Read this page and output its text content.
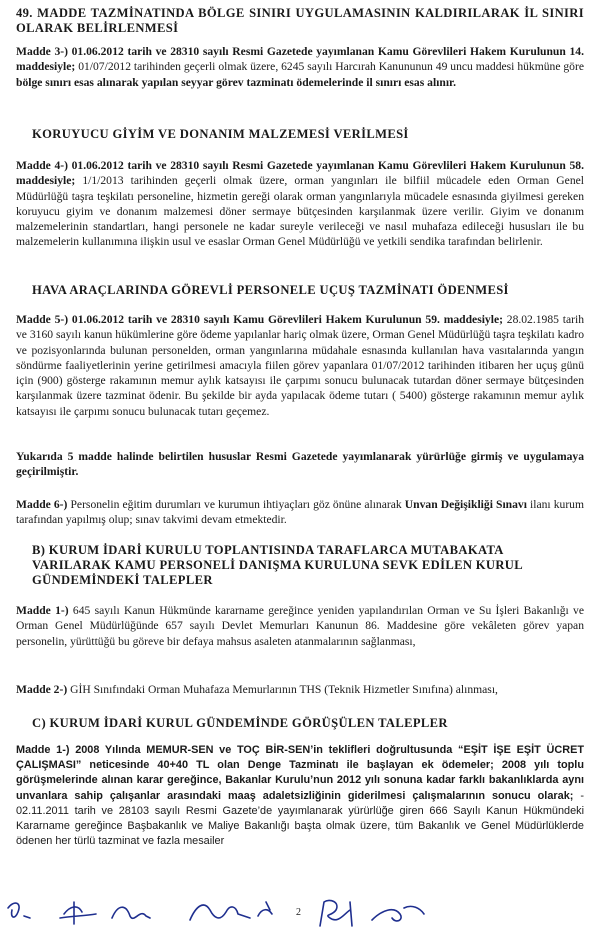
49. MADDE TAZMİNATINDA BÖLGE SINIRI UYGULAMASININ KALDIRILARAK İL SINIRI OLARAK BELİRLENMESİ
Madde 3-) 01.06.2012 tarih ve 28310 sayılı Resmi Gazetede yayımlanan Kamu Görevlileri Hakem Kurulunun 14. maddesiyle; 01/07/2012 tarihinden geçerli olmak üzere, 6245 sayılı Harcırah Kanununun 49 uncu maddesi hükmüne göre bölge sınırı esas alınarak yapılan seyyar görev tazminatı ödemelerinde il sınırı esas alınır.
KORUYUCU GİYİM VE DONANIM MALZEMESİ VERİLMESİ
Madde 4-) 01.06.2012 tarih ve 28310 sayılı Resmi Gazetede yayımlanan Kamu Görevlileri Hakem Kurulunun 58. maddesiyle; 1/1/2013 tarihinden geçerli olmak üzere, orman yangınları ile bilfiil mücadele eden Orman Genel Müdürlüğü taşra teşkilatı personeline, hizmetin gereği olarak orman yangınlarıyla mücadele esnasında giyilmesi gereken koruyucu giyim ve donanım malzemesi döner sermaye bütçesinden karşılanmak üzere verilir. Giyim ve donanım malzemelerinin standartları, hangi personele ne kadar sureyle verileceği ve nasıl muhafaza edileceği hususları ile bu malzemelerin kullanımına ilişkin usul ve esaslar Orman Genel Müdürlüğü ve yetkili sendika tarafından belirlenir.
HAVA ARAÇLARINDA GÖREVLİ PERSONELE UÇUŞ TAZMİNATI ÖDENMESİ
Madde 5-) 01.06.2012 tarih ve 28310 sayılı Kamu Görevlileri Hakem Kurulunun 59. maddesiyle; 28.02.1985 tarih ve 3160 sayılı kanun hükümlerine göre ödeme yapılanlar hariç olmak üzere, Orman Genel Müdürlüğü taşra teşkilatı kadro ve pozisyonlarında bulunan personelden, orman yangınlarına müdahale esnasında kullanılan hava vasıtalarında yangın söndürme faaliyetlerinin yerine getirilmesi amacıyla fiilen görev yapanlara 01/07/2012 tarihinden itibaren her uçuş günü için (900) gösterge rakamının memur aylık katsayısı ile çarpımı sonucu bulunacak tutardan döner sermaye bütçesinden karşılanmak üzere tazminat ödenir. Bu şekilde bir ayda yapılacak ödeme tutarı ( 5400) gösterge rakamının memur aylık katsayısı ile çarpımı sonucu bulunacak tutarı geçemez.
Yukarıda 5 madde halinde belirtilen hususlar Resmi Gazetede yayımlanarak yürürlüğe girmiş ve uygulamaya geçirilmiştir.
Madde 6-) Personelin eğitim durumları ve kurumun ihtiyaçları göz önüne alınarak Unvan Değişikliği Sınavı ilanı kurum tarafından yapılmış olup; sınav takvimi devam etmektedir.
B) KURUM İDARİ KURULU TOPLANTISINDA TARAFLARCA MUTABAKATA VARILARAK KAMU PERSONELİ DANIŞMA KURULUNA SEVK EDİLEN KURUL GÜNDEMİNDEKİ TALEPLER
Madde 1-) 645 sayılı Kanun Hükmünde kararname gereğince yeniden yapılandırılan Orman ve Su İşleri Bakanlığı ve Orman Genel Müdürlüğünde 657 sayılı Devlet Memurları Kanunun 86. Maddesine göre vekâleten görev yapan personelin, yürüttüğü bu göreve bir defaya mahsus asaleten atanmalarının sağlanması,
Madde 2-) GİH Sınıfındaki Orman Muhafaza Memurlarının THS (Teknik Hizmetler Sınıfına) alınması,
C) KURUM İDARİ KURUL GÜNDEMİNDE GÖRÜŞÜLEN TALEPLER
Madde 1-) 2008 Yılında MEMUR-SEN ve TOÇ BİR-SEN’in teklifleri doğrultusunda “EŞİT İŞE EŞİT ÜCRET ÇALIŞMASI” neticesinde 40+40 TL olan Denge Tazminatı ile başlayan ek ödemeler; 2008 yılı toplu görüşmelerinde alınan karar gereğince, Bakanlar Kurulu’nun 2012 yılı sonuna kadar farklı bakanlıklarda aynı unvanlara sahip çalışanlar arasındaki maaş adaletsizliğinin giderilmesi çalışmalarının sonucu olarak; - 02.11.2011 tarih ve 28103 sayılı Resmi Gazete’de yayımlanarak yürürlüğe giren 666 Sayılı Kanun Hükmündeki Kararname gereğince Başbakanlık ve Maliye Bakanlığı başta olmak üzere, tüm Bakanlık ve Genel Müdürlüklerde ödenen her türlü tazminat ve fazla mesailer
2
